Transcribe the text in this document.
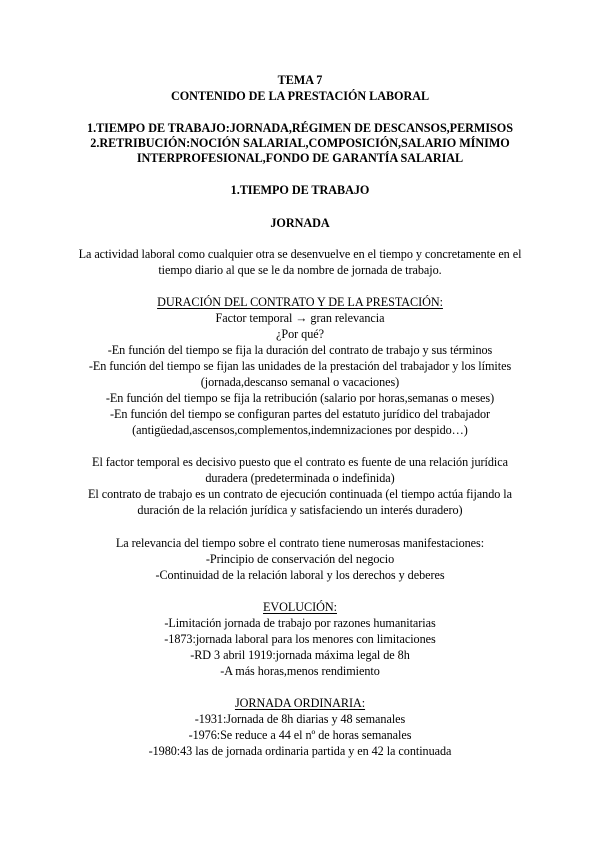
TEMA 7
CONTENIDO DE LA PRESTACIÓN LABORAL
1.TIEMPO DE TRABAJO:JORNADA,RÉGIMEN DE DESCANSOS,PERMISOS
2.RETRIBUCIÓN:NOCIÓN SALARIAL,COMPOSICIÓN,SALARIO MÍNIMO
INTERPROFESIONAL,FONDO DE GARANTÍA SALARIAL
1.TIEMPO DE TRABAJO
JORNADA
La actividad laboral como cualquier otra se desenvuelve en el tiempo y concretamente en el
tiempo diario al que se le da nombre de jornada de trabajo.
DURACIÓN DEL CONTRATO Y DE LA PRESTACIÓN:
Factor temporal → gran relevancia
¿Por qué?
-En función del tiempo se fija la duración del contrato de trabajo y sus términos
-En función del tiempo se fijan las unidades de la prestación del trabajador y los límites
(jornada,descanso semanal o vacaciones)
-En función del tiempo se fija la retribución (salario por horas,semanas o meses)
-En función del tiempo se configuran partes del estatuto jurídico del trabajador
(antigüedad,ascensos,complementos,indemnizaciones por despido…)
El factor temporal es decisivo puesto que el contrato es fuente de una relación jurídica
duradera (predeterminada o indefinida)
El contrato de trabajo es un contrato de ejecución continuada (el tiempo actúa fijando la
duración de la relación jurídica y satisfaciendo un interés duradero)
La relevancia del tiempo sobre el contrato tiene numerosas manifestaciones:
-Principio de conservación del negocio
-Continuidad de la relación laboral y los derechos y deberes
EVOLUCIÓN:
-Limitación jornada de trabajo por razones humanitarias
-1873:jornada laboral para los menores con limitaciones
-RD 3 abril 1919:jornada máxima legal de 8h
-A más horas,menos rendimiento
JORNADA ORDINARIA:
-1931:Jornada de 8h diarias y 48 semanales
-1976:Se reduce a 44 el nº de horas semanales
-1980:43 las de jornada ordinaria partida y en 42 la continuada
